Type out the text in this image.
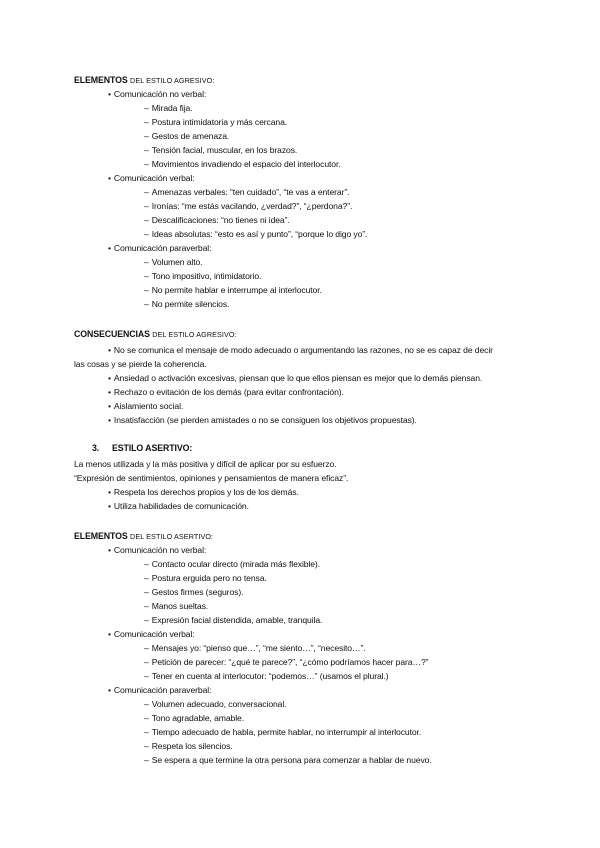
ELEMENTOS DEL ESTILO AGRESIVO:
• Comunicación no verbal:
– Mirada fija.
– Postura intimidatoria y más cercana.
– Gestos de amenaza.
– Tensión facial, muscular, en los brazos.
– Movimientos invadiendo el espacio del interlocutor.
• Comunicación verbal:
– Amenazas verbales: “ten cuidado”, “te vas a enterar”.
– Ironías: “me estás vacilando, ¿verdad?”, “¿perdona?”.
– Descalificaciones: “no tienes ni idea”.
– Ideas absolutas: “esto es así y punto”, “porque lo digo yo”.
• Comunicación paraverbal:
– Volumen alto.
– Tono impositivo, intimidatorio.
– No permite hablar e interrumpe al interlocutor.
– No permite silencios.
CONSECUENCIAS DEL ESTILO AGRESIVO:
• No se comunica el mensaje de modo adecuado o argumentando las razones, no se es capaz de decir
las cosas y se pierde la coherencia.
• Ansiedad o activación excesivas, piensan que lo que ellos piensan es mejor que lo demás piensan.
• Rechazo o evitación de los demás (para evitar confrontación).
• Aislamiento social.
• Insatisfacción (se pierden amistades o no se consiguen los objetivos propuestas).
3. ESTILO ASERTIVO:
La menos utilizada y la más positiva y difícil de aplicar por su esfuerzo.
“Expresión de sentimientos, opiniones y pensamientos de manera eficaz”.
• Respeta los derechos propios y los de los demás.
• Utiliza habilidades de comunicación.
ELEMENTOS DEL ESTILO ASERTIVO:
• Comunicación no verbal:
– Contacto ocular directo (mirada más flexible).
– Postura erguida pero no tensa.
– Gestos firmes (seguros).
– Manos sueltas.
– Expresión facial distendida, amable, tranquila.
• Comunicación verbal:
– Mensajes yo: “pienso que…”, “me siento…”, “necesito…”.
– Petición de parecer: “¿qué te parece?”, “¿cómo podríamos hacer para…?”
– Tener en cuenta al interlocutor: “podemos…” (usamos el plural.)
• Comunicación paraverbal:
– Volumen adecuado, conversacional.
– Tono agradable, amable.
– Tiempo adecuado de habla, permite hablar, no interrumpir al interlocutor.
– Respeta los silencios.
– Se espera a que termine la otra persona para comenzar a hablar de nuevo.
